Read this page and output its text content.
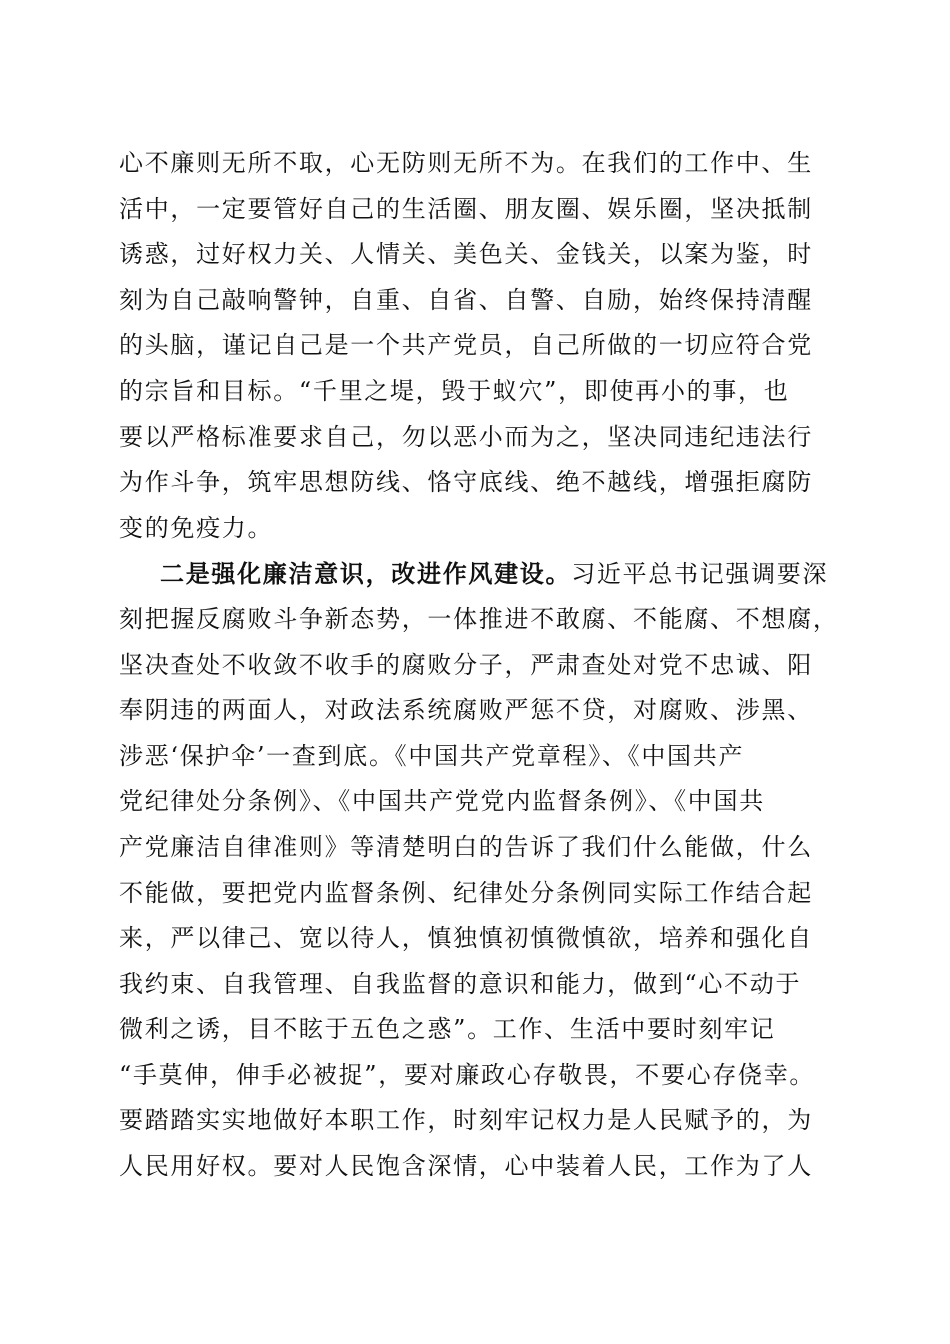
心不廉则无所不取，心无防则无所不为。在我们的工作中、生
活中，一定要管好自己的生活圈、朋友圈、娱乐圈，坚决抵制
诱惑，过好权力关、人情关、美色关、金钱关，以案为鉴，时
刻为自己敲响警钟，自重、自省、自警、自励，始终保持清醒
的头脑，谨记自己是一个共产党员，自己所做的一切应符合党
的宗旨和目标。“千里之堤，毁于蚁穴”，即使再小的事，也
要以严格标准要求自己，勿以恶小而为之，坚决同违纪违法行
为作斗争，筑牢思想防线、恪守底线、绝不越线，增强拒腐防
变的免疫力。
二是强化廉洁意识，改进作风建设。习近平总书记强调要深
刻把握反腐败斗争新态势，一体推进不敢腐、不能腐、不想腐，
坚决查处不收敛不收手的腐败分子，严肃查处对党不忠诚、阳
奉阴违的两面人，对政法系统腐败严惩不贷，对腐败、涉黑、
涉恶‘保护伞’一查到底。《中国共产党章程》、《中国共产
党纪律处分条例》、《中国共产党党内监督条例》、《中国共
产党廉洁自律准则》等清楚明白的告诉了我们什么能做，什么
不能做，要把党内监督条例、纪律处分条例同实际工作结合起
来，严以律己、宽以待人，慎独慎初慎微慎欲，培养和强化自
我约束、自我管理、自我监督的意识和能力，做到“心不动于
微利之诱，目不眩于五色之惑”。工作、生活中要时刻牢记
“手莫伸，伸手必被捉”，要对廉政心存敬畏，不要心存侥幸。
要踏踏实实地做好本职工作，时刻牢记权力是人民赋予的，为
人民用好权。要对人民饱含深情，心中装着人民，工作为了人
